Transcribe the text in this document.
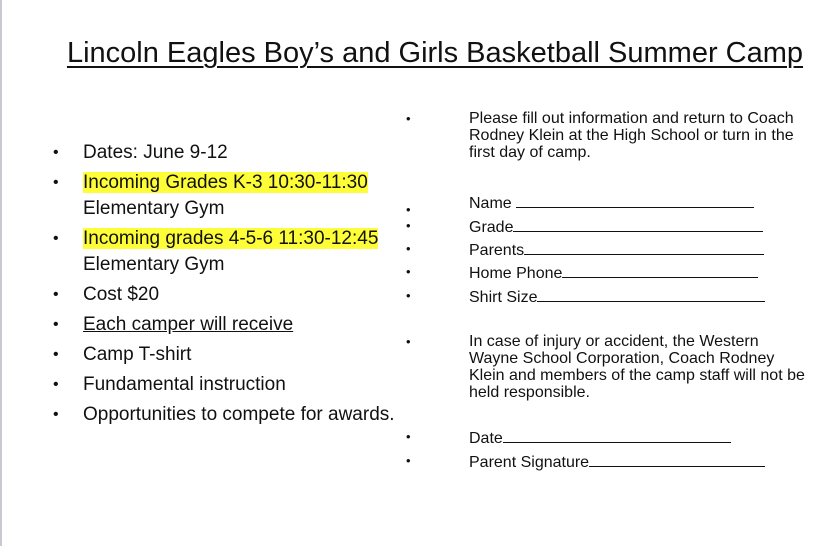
Lincoln Eagles Boy’s and Girls Basketball Summer Camp
• Dates: June 9-12
• Incoming Grades K-3 10:30-11:30
Elementary Gym
• Incoming grades 4-5-6 11:30-12:45 Elementary Gym
• Cost $20
• Each camper will receive
• Camp T-shirt
• Fundamental instruction
• Opportunities to compete for awards.
•	Please fill out information and return to Coach Rodney Klein at the High School or turn in the first day of camp.
•	Name
•	Grade
•	Parents
•	Home Phone
•	Shirt Size
•	In case of injury or accident, the Western Wayne School Corporation, Coach Rodney Klein and members of the camp staff will not be held responsible.
•	Date
•	Parent Signature
